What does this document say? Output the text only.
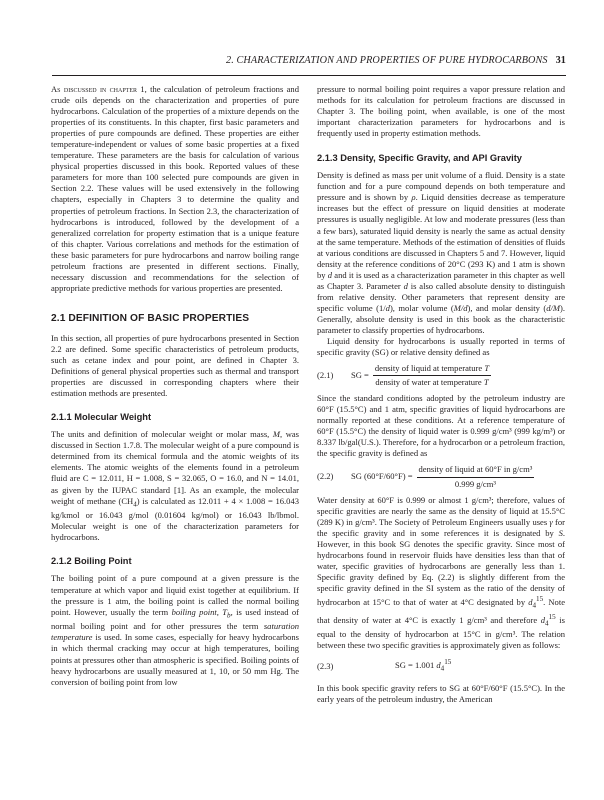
2. CHARACTERIZATION AND PROPERTIES OF PURE HYDROCARBONS 31

As discussed in chapter 1, the calculation of petroleum fractions and crude oils depends on the characterization and properties of pure hydrocarbons. Calculation of the properties of a mixture depends on the properties of its constituents. In this chapter, first basic parameters and properties of pure compounds are defined. These properties are either temperature-independent or values of some basic properties at a fixed temperature. These parameters are the basis for calculation of various physical properties discussed in this book. Reported values of these parameters for more than 100 selected pure compounds are given in Section 2.2. These values will be used extensively in the following chapters, especially in Chapters 3 to determine the quality and properties of petroleum fractions. In Section 2.3, the characterization of hydrocarbons is introduced, followed by the development of a generalized correlation for property estimation that is a unique feature of this chapter. Various correlations and methods for the estimation of these basic parameters for pure hydrocarbons and narrow boiling range petroleum fractions are presented in different sections. Finally, necessary discussion and recommendations for the selection of appropriate predictive methods for various properties are presented.

2.1 DEFINITION OF BASIC PROPERTIES

In this section, all properties of pure hydrocarbons presented in Section 2.2 are defined. Some specific characteristics of petroleum products, such as cetane index and pour point, are defined in Chapter 3. Definitions of general physical properties such as thermal and transport properties are discussed in corresponding chapters where their estimation methods are presented.

2.1.1 Molecular Weight

The units and definition of molecular weight or molar mass, M, was discussed in Section 1.7.8. The molecular weight of a pure compound is determined from its chemical formula and the atomic weights of its elements. The atomic weights of the elements found in a petroleum fluid are C = 12.011, H = 1.008, S = 32.065, O = 16.0, and N = 14.01, as given by the IUPAC standard [1]. As an example, the molecular weight of methane $(CH_4)$ is calculated as 12.011 + 4 × 1.008 = 16.043 kg/kmol or 16.043 g/mol (0.01604 kg/mol) or 16.043 lb/lbmol. Molecular weight is one of the characterization parameters for hydrocarbons.

2.1.2 Boiling Point

The boiling point of a pure compound at a given pressure is the temperature at which vapor and liquid exist together at equilibrium. If the pressure is 1 atm, the boiling point is called the normal boiling point. However, usually the term boiling point, $T_b$, is used instead of normal boiling point and for other pressures the term saturation temperature is used. In some cases, especially for heavy hydrocarbons in which thermal cracking may occur at high temperatures, boiling points at pressures other than atmospheric is specified. Boiling points of heavy hydrocarbons are usually measured at 1, 10, or 50 mm Hg. The conversion of boiling point from low

pressure to normal boiling point requires a vapor pressure relation and methods for its calculation for petroleum fractions are discussed in Chapter 3. The boiling point, when available, is one of the most important characterization parameters for hydrocarbons and is frequently used in property estimation methods.

2.1.3 Density, Specific Gravity, and API Gravity

Density is defined as mass per unit volume of a fluid. Density is a state function and for a pure compound depends on both temperature and pressure and is shown by ρ. Liquid densities decrease as temperature increases but the effect of pressure on liquid densities at moderate pressures is usually negligible. At low and moderate pressures (less than a few bars), saturated liquid density is nearly the same as actual density at the same temperature. Methods of the estimation of densities of fluids at various conditions are discussed in Chapters 5 and 7. However, liquid density at the reference conditions of 20°C (293 K) and 1 atm is shown by d and it is used as a characterization parameter in this chapter as well as Chapter 3. Parameter d is also called absolute density to distinguish from relative density. Other parameters that represent density are specific volume (1/d), molar volume (M/d), and molar density (d/M). Generally, absolute density is used in this book as the characteristic parameter to classify properties of hydrocarbons.

Liquid density for hydrocarbons is usually reported in terms of specific gravity (SG) or relative density defined as

(2.1)	SG = $\frac{\text{density of liquid at temperature T}}{\text{density of water at temperature T}}$

Since the standard conditions adopted by the petroleum industry are 60°F (15.5°C) and 1 atm, specific gravities of liquid hydrocarbons are normally reported at these conditions. At a reference temperature of 60°F (15.5°C) the density of liquid water is 0.999 g/cm³ (999 kg/m³) or 8.337 lb/gal(U.S.). Therefore, for a hydrocarbon or a petroleum fraction, the specific gravity is defined as

(2.2)	SG $(60^\circ F/60^\circ F) = \frac{\text{density of liquid at 60°F in g/cm³}}{\text{0.999 g/cm³}}$

Water density at 60°F is 0.999 or almost 1 g/cm³; therefore, values of specific gravities are nearly the same as the density of liquid at 15.5°C (289 K) in g/cm³. The Society of Petroleum Engineers usually uses γ for the specific gravity and in some references it is designated by S. However, in this book SG denotes the specific gravity. Since most of hydrocarbons found in reservoir fluids have densities less than that of water, specific gravities of hydrocarbons are generally less than 1. Specific gravity defined by Eq. (2.2) is slightly different from the specific gravity defined in the SI system as the ratio of the density of hydrocarbon at 15°C to that of water at 4°C designated by $d_4^{15}$. Note that density of water at 4°C is exactly 1 g/cm³ and therefore $d_4^{15}$ is equal to the density of hydrocarbon at 15°C in g/cm³. The relation between these two specific gravities is approximately given as follows:

(2.3)	SG = 1.001 $d_4^{15}$

In this book specific gravity refers to SG at 60°F/60°F (15.5°C). In the early years of the petroleum industry, the American
